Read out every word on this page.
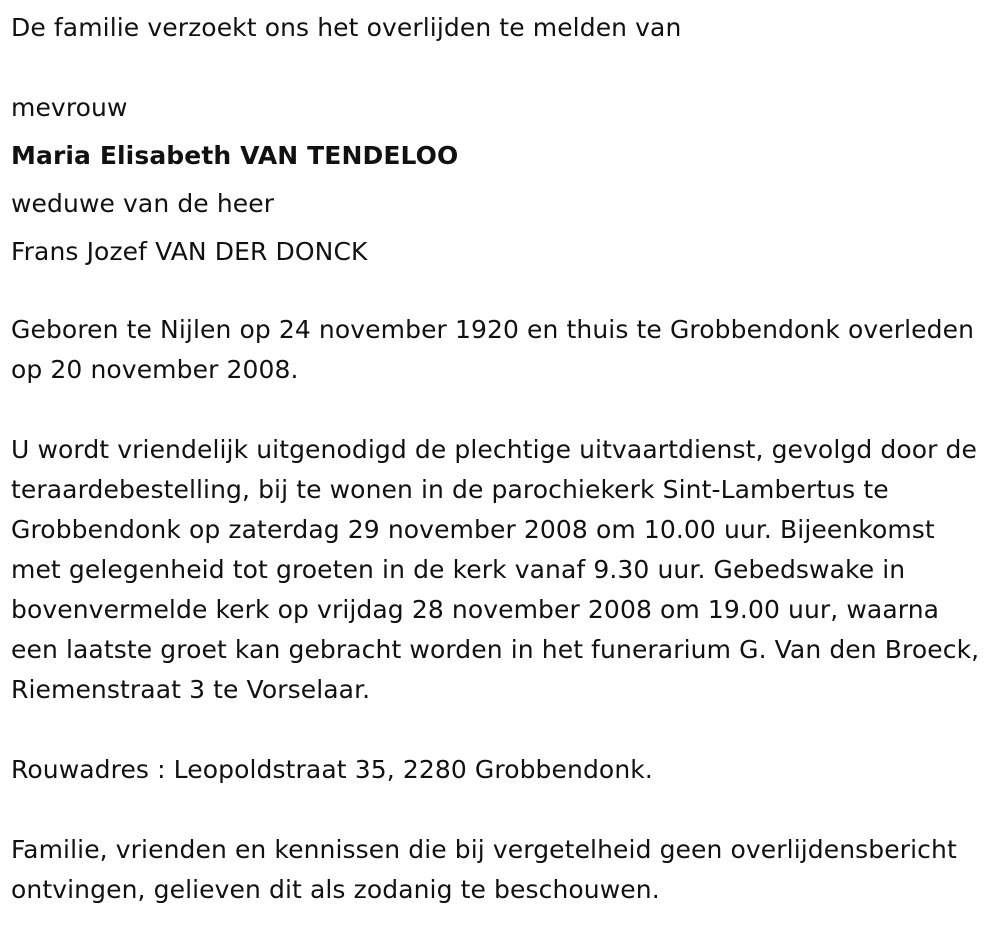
De familie verzoekt ons het overlijden te melden van

mevrouw

Maria Elisabeth VAN TENDELOO

weduwe van de heer

Frans Jozef VAN DER DONCK

Geboren te Nijlen op 24 november 1920 en thuis te Grobbendonk overleden op 20 november 2008.

U wordt vriendelijk uitgenodigd de plechtige uitvaartdienst, gevolgd door de teraardebestelling, bij te wonen in de parochiekerk Sint-Lambertus te Grobbendonk op zaterdag 29 november 2008 om 10.00 uur. Bijeenkomst met gelegenheid tot groeten in de kerk vanaf 9.30 uur. Gebedswake in bovenvermelde kerk op vrijdag 28 november 2008 om 19.00 uur, waarna een laatste groet kan gebracht worden in het funerarium G. Van den Broeck, Riemenstraat 3 te Vorselaar.

Rouwadres : Leopoldstraat 35, 2280 Grobbendonk.

Familie, vrienden en kennissen die bij vergetelheid geen overlijdensbericht ontvingen, gelieven dit als zodanig te beschouwen.
